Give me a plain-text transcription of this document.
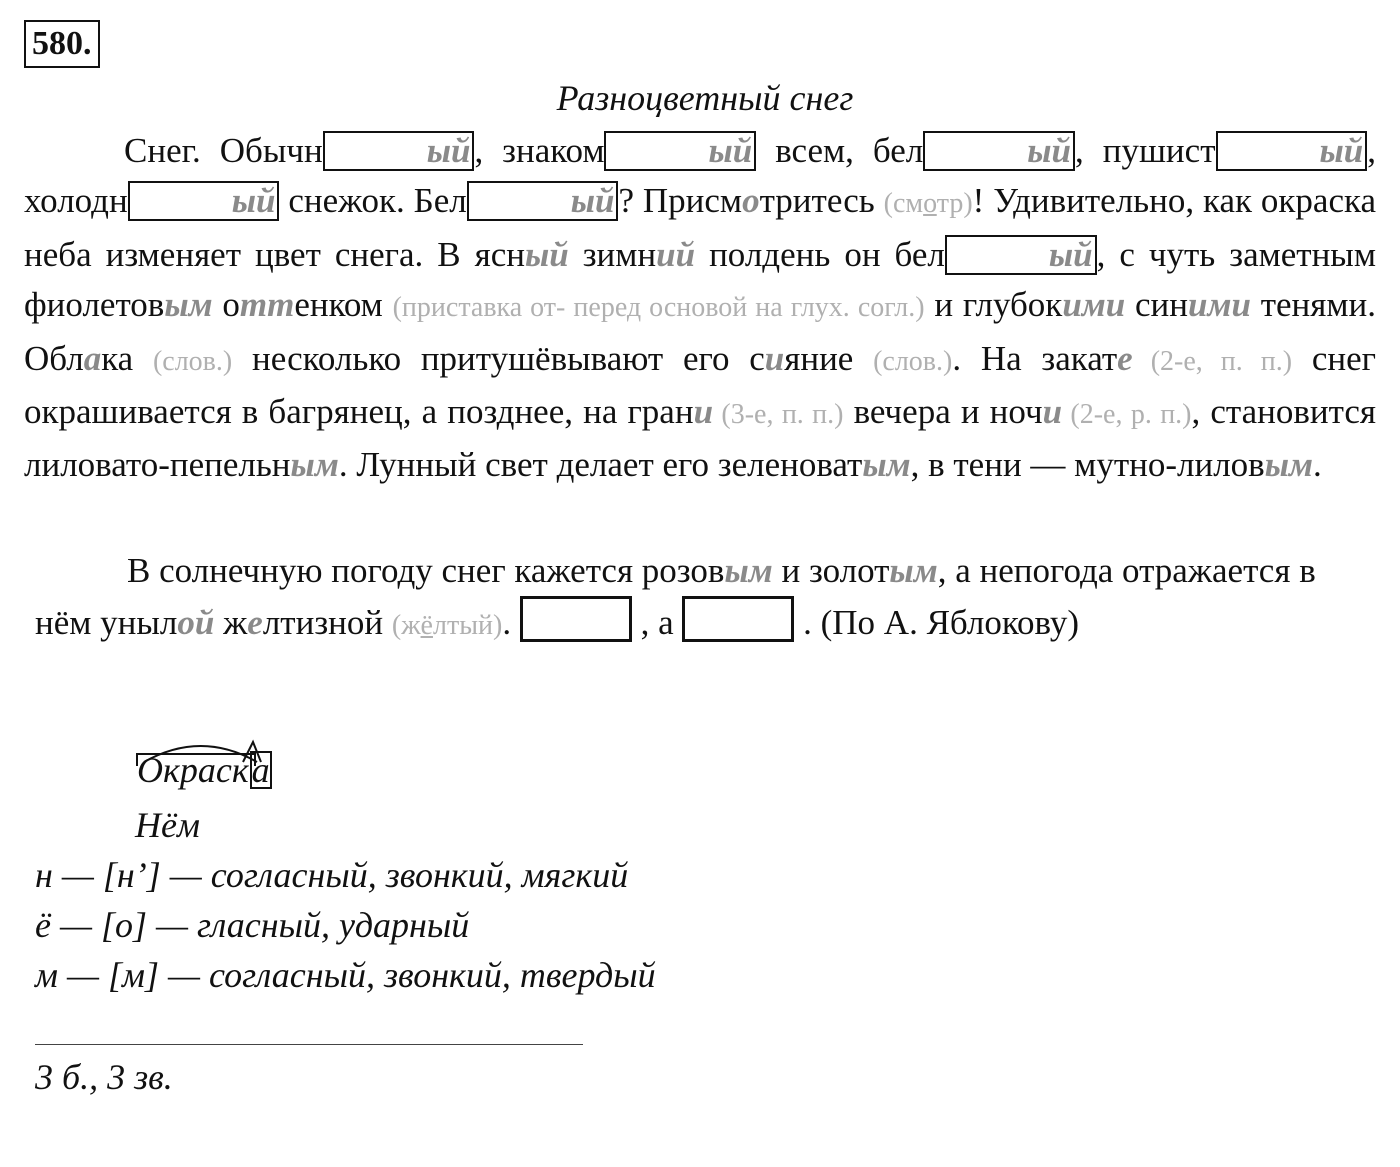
580.
Разноцветный снег

Снег. Обычн	ый , знаком	ый всем, бел	ый , пушист	ый , холодн	ый снежок. Бел	ый ? Присмотритесь (смотр)! Удивительно, как окраска неба изменяет цвет снега. В ясный зимний полдень он бел	ый , с чуть заметным фиолетовым оттенком (приставка от- перед основой на глух. согл.) и глубокими синими тенями. Облака (слов.) несколько притушёвывают его сияние (слов.). На закате (2-е, п. п.) снег окрашивается в багрянец, а позднее, на грани (3-е, п. п.) вечера и ночи (2-е, р. п.), становится лиловато-пепельным. Лунный свет делает его зеленоватым, в тени — мутно-лиловым.

В солнечную погоду снег кажется розовым и золотым, а непогода отражается в нём унылой желтизной (жёлтый).	, а	. (По А. Яблокову)

Окраска
Нём
н — [н’] — согласный, звонкий, мягкий
ё — [о] — гласный, ударный
м — [м] — согласный, звонкий, твердый
3 б., 3 зв.
